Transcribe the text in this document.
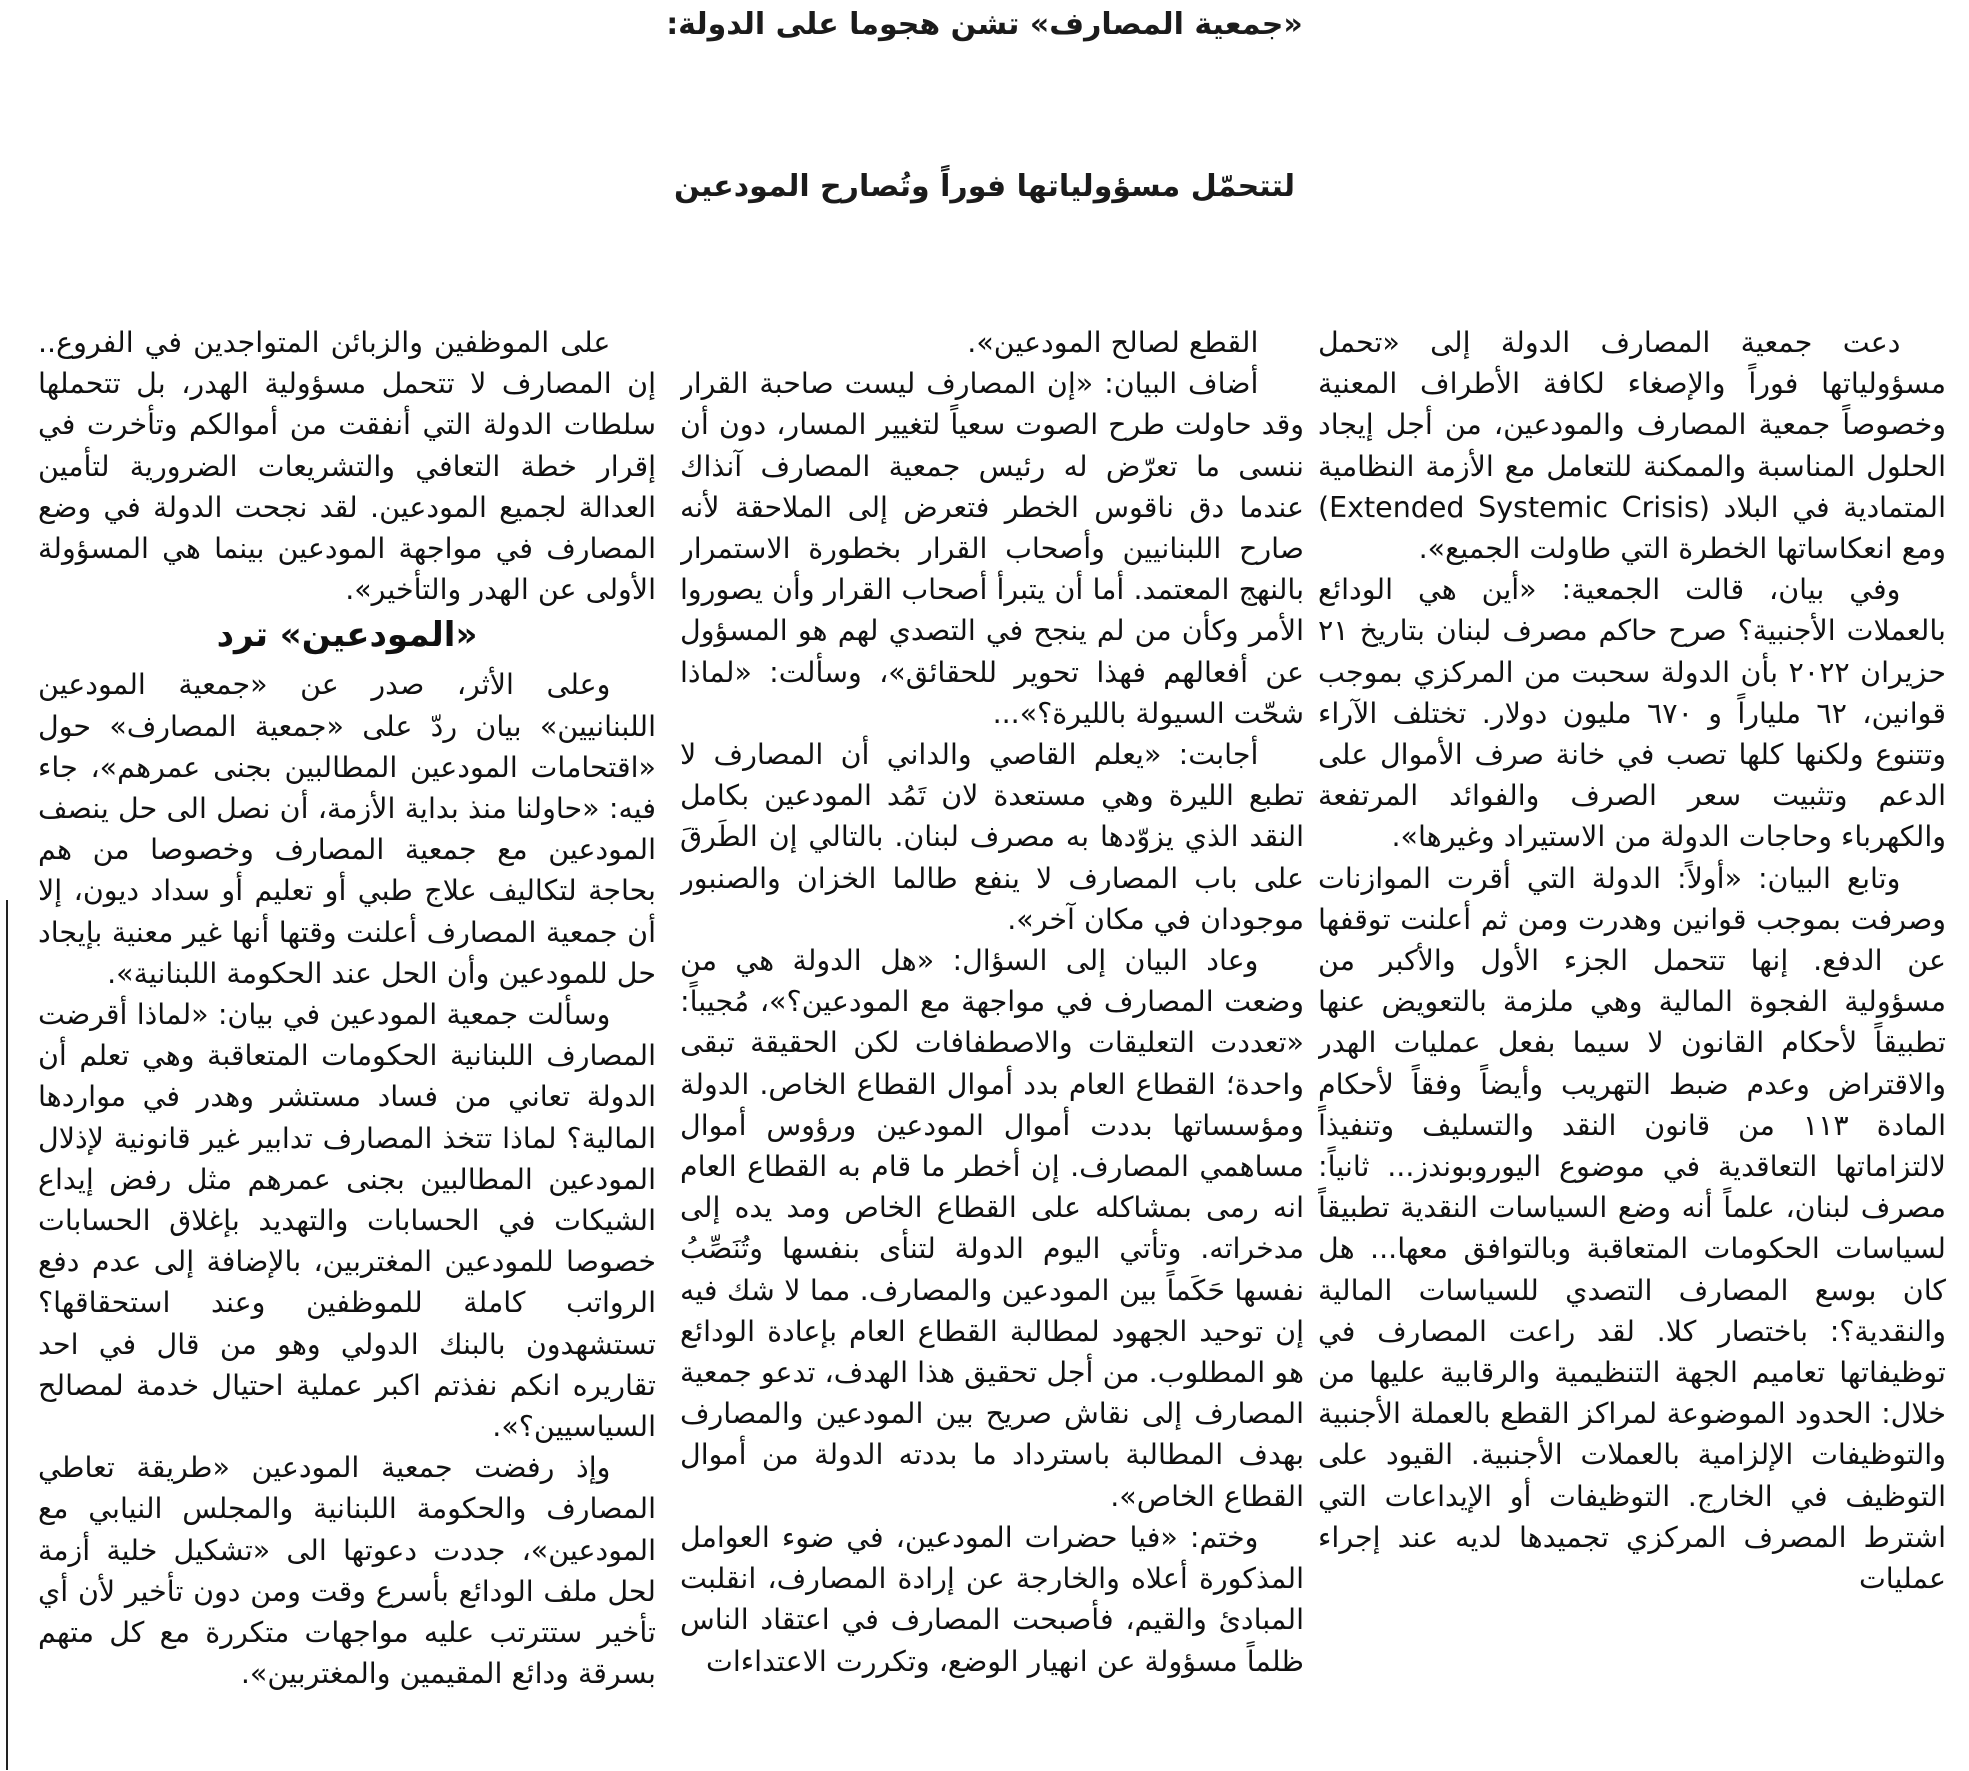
«جمعية المصارف» تشن هجوما على الدولة:
لتتحمّل مسؤولياتها فوراً وتُصارح المودعين

دعت جمعية المصارف الدولة إلى «تحمل مسؤولياتها فوراً والإصغاء لكافة الأطراف المعنية وخصوصاً جمعية المصارف والمودعين، من أجل إيجاد الحلول المناسبة والممكنة للتعامل مع الأزمة النظامية المتمادية في البلاد (Extended Systemic Crisis) ومع انعكاساتها الخطرة التي طاولت الجميع».

وفي بيان، قالت الجمعية: «أين هي الودائع بالعملات الأجنبية؟ صرح حاكم مصرف لبنان بتاريخ ٢١ حزيران ٢٠٢٢ بأن الدولة سحبت من المركزي بموجب قوانين، ٦٢ ملياراً و ٦٧٠ مليون دولار. تختلف الآراء وتتنوع ولكنها كلها تصب في خانة صرف الأموال على الدعم وتثبيت سعر الصرف والفوائد المرتفعة والكهرباء وحاجات الدولة من الاستيراد وغيرها».

وتابع البيان: «أولاً: الدولة التي أقرت الموازنات وصرفت بموجب قوانين وهدرت ومن ثم أعلنت توقفها عن الدفع. إنها تتحمل الجزء الأول والأكبر من مسؤولية الفجوة المالية وهي ملزمة بالتعويض عنها تطبيقاً لأحكام القانون لا سيما بفعل عمليات الهدر والاقتراض وعدم ضبط التهريب وأيضاً وفقاً لأحكام المادة ١١٣ من قانون النقد والتسليف وتنفيذاً لالتزاماتها التعاقدية في موضوع اليوروبوندز... ثانياً: مصرف لبنان، علماً أنه وضع السياسات النقدية تطبيقاً لسياسات الحكومات المتعاقبة وبالتوافق معها... هل كان بوسع المصارف التصدي للسياسات المالية والنقدية؟: باختصار كلا. لقد راعت المصارف في توظيفاتها تعاميم الجهة التنظيمية والرقابية عليها من خلال: الحدود الموضوعة لمراكز القطع بالعملة الأجنبية والتوظيفات الإلزامية بالعملات الأجنبية. القيود على التوظيف في الخارج. التوظيفات أو الإيداعات التي اشترط المصرف المركزي تجميدها لديه عند إجراء عمليات

القطع لصالح المودعين».

أضاف البيان: «إن المصارف ليست صاحبة القرار وقد حاولت طرح الصوت سعياً لتغيير المسار، دون أن ننسى ما تعرّض له رئيس جمعية المصارف آنذاك عندما دق ناقوس الخطر فتعرض إلى الملاحقة لأنه صارح اللبنانيين وأصحاب القرار بخطورة الاستمرار بالنهج المعتمد. أما أن يتبرأ أصحاب القرار وأن يصوروا الأمر وكأن من لم ينجح في التصدي لهم هو المسؤول عن أفعالهم فهذا تحوير للحقائق»، وسألت: «لماذا شحّت السيولة بالليرة؟»...

أجابت: «يعلم القاصي والداني أن المصارف لا تطبع الليرة وهي مستعدة لان تَمُد المودعين بكامل النقد الذي يزوّدها به مصرف لبنان. بالتالي إن الطَرقَ على باب المصارف لا ينفع طالما الخزان والصنبور موجودان في مكان آخر».

وعاد البيان إلى السؤال: «هل الدولة هي من وضعت المصارف في مواجهة مع المودعين؟»، مُجيباً: «تعددت التعليقات والاصطفافات لكن الحقيقة تبقى واحدة؛ القطاع العام بدد أموال القطاع الخاص. الدولة ومؤسساتها بددت أموال المودعين ورؤوس أموال مساهمي المصارف. إن أخطر ما قام به القطاع العام انه رمى بمشاكله على القطاع الخاص ومد يده إلى مدخراته. وتأتي اليوم الدولة لتنأى بنفسها وتُنَصِّبُ نفسها حَكَماً بين المودعين والمصارف. مما لا شك فيه إن توحيد الجهود لمطالبة القطاع العام بإعادة الودائع هو المطلوب. من أجل تحقيق هذا الهدف، تدعو جمعية المصارف إلى نقاش صريح بين المودعين والمصارف بهدف المطالبة باسترداد ما بددته الدولة من أموال القطاع الخاص».

وختم: «فيا حضرات المودعين، في ضوء العوامل المذكورة أعلاه والخارجة عن إرادة المصارف، انقلبت المبادئ والقيم، فأصبحت المصارف في اعتقاد الناس ظلماً مسؤولة عن انهيار الوضع، وتكررت الاعتداءات

على الموظفين والزبائن المتواجدين في الفروع.. إن المصارف لا تتحمل مسؤولية الهدر، بل تتحملها سلطات الدولة التي أنفقت من أموالكم وتأخرت في إقرار خطة التعافي والتشريعات الضرورية لتأمين العدالة لجميع المودعين. لقد نجحت الدولة في وضع المصارف في مواجهة المودعين بينما هي المسؤولة الأولى عن الهدر والتأخير».

«المودعين» ترد

وعلى الأثر، صدر عن «جمعية المودعين اللبنانيين» بيان ردّ على «جمعية المصارف» حول «اقتحامات المودعين المطالبين بجنى عمرهم»، جاء فيه: «حاولنا منذ بداية الأزمة، أن نصل الى حل ينصف المودعين مع جمعية المصارف وخصوصا من هم بحاجة لتكاليف علاج طبي أو تعليم أو سداد ديون، إلا أن جمعية المصارف أعلنت وقتها أنها غير معنية بإيجاد حل للمودعين وأن الحل عند الحكومة اللبنانية».

وسألت جمعية المودعين في بيان: «لماذا أقرضت المصارف اللبنانية الحكومات المتعاقبة وهي تعلم أن الدولة تعاني من فساد مستشر وهدر في مواردها المالية؟ لماذا تتخذ المصارف تدابير غير قانونية لإذلال المودعين المطالبين بجنى عمرهم مثل رفض إيداع الشيكات في الحسابات والتهديد بإغلاق الحسابات خصوصا للمودعين المغتربين، بالإضافة إلى عدم دفع الرواتب كاملة للموظفين وعند استحقاقها؟ تستشهدون بالبنك الدولي وهو من قال في احد تقاريره انكم نفذتم اكبر عملية احتيال خدمة لمصالح السياسيين؟».

وإذ رفضت جمعية المودعين «طريقة تعاطي المصارف والحكومة اللبنانية والمجلس النيابي مع المودعين»، جددت دعوتها الى «تشكيل خلية أزمة لحل ملف الودائع بأسرع وقت ومن دون تأخير لأن أي تأخير ستترتب عليه مواجهات متكررة مع كل متهم بسرقة ودائع المقيمين والمغتربين».
